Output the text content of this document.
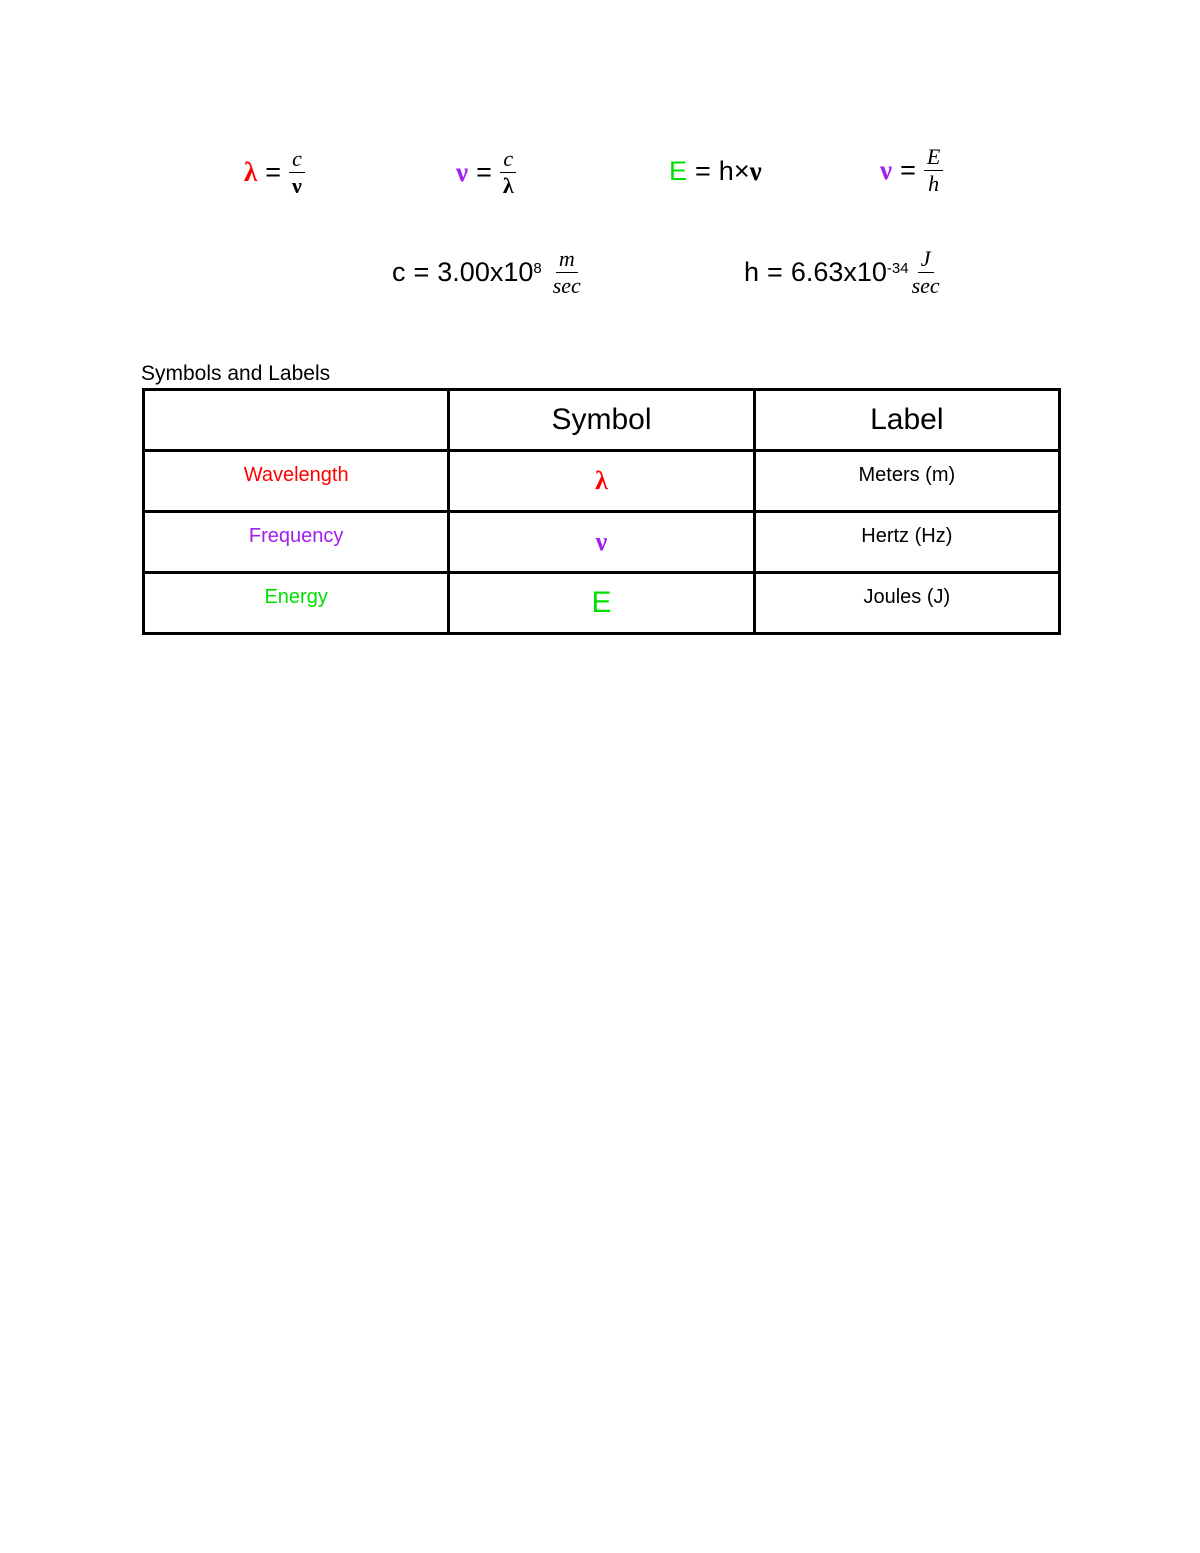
$\lambda = \frac{c}{\nu}$	$\nu = \frac{c}{\lambda}$	E = h × ν	$\nu = \frac{E}{h}$
$c = 3.00x10^8 \frac{m}{\sec}$	$h = 6.63x10^{-34} \frac{J}{\sec}$
Symbols and Labels
	Symbol	Label

Wavelength	λ	Meters (m)

Frequency	ν	Hertz (Hz)

Energy	E	Joules (J)
